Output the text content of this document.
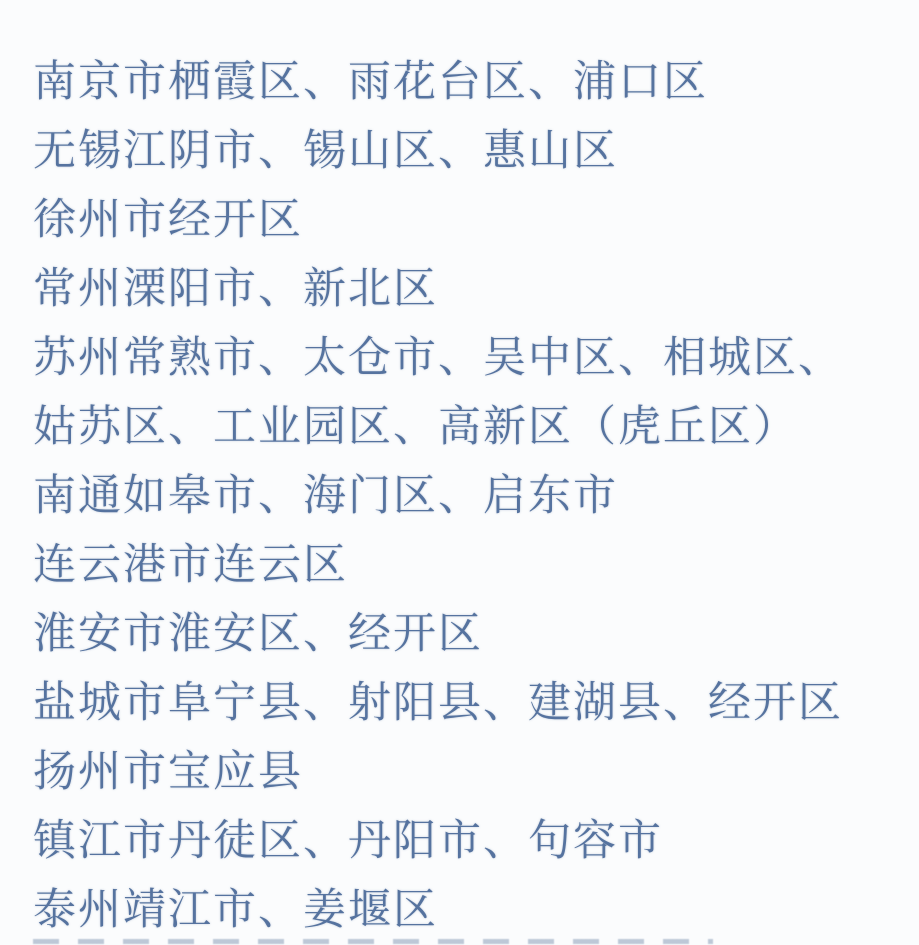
南京市栖霞区、雨花台区、浦口区

无锡江阴市、锡山区、惠山区

徐州市经开区

常州溧阳市、新北区

苏州常熟市、太仓市、吴中区、相城区、

姑苏区、工业园区、高新区（虎丘区）

南通如皋市、海门区、启东市

连云港市连云区

淮安市淮安区、经开区

盐城市阜宁县、射阳县、建湖县、经开区

扬州市宝应县

镇江市丹徒区、丹阳市、句容市

泰州靖江市、姜堰区
